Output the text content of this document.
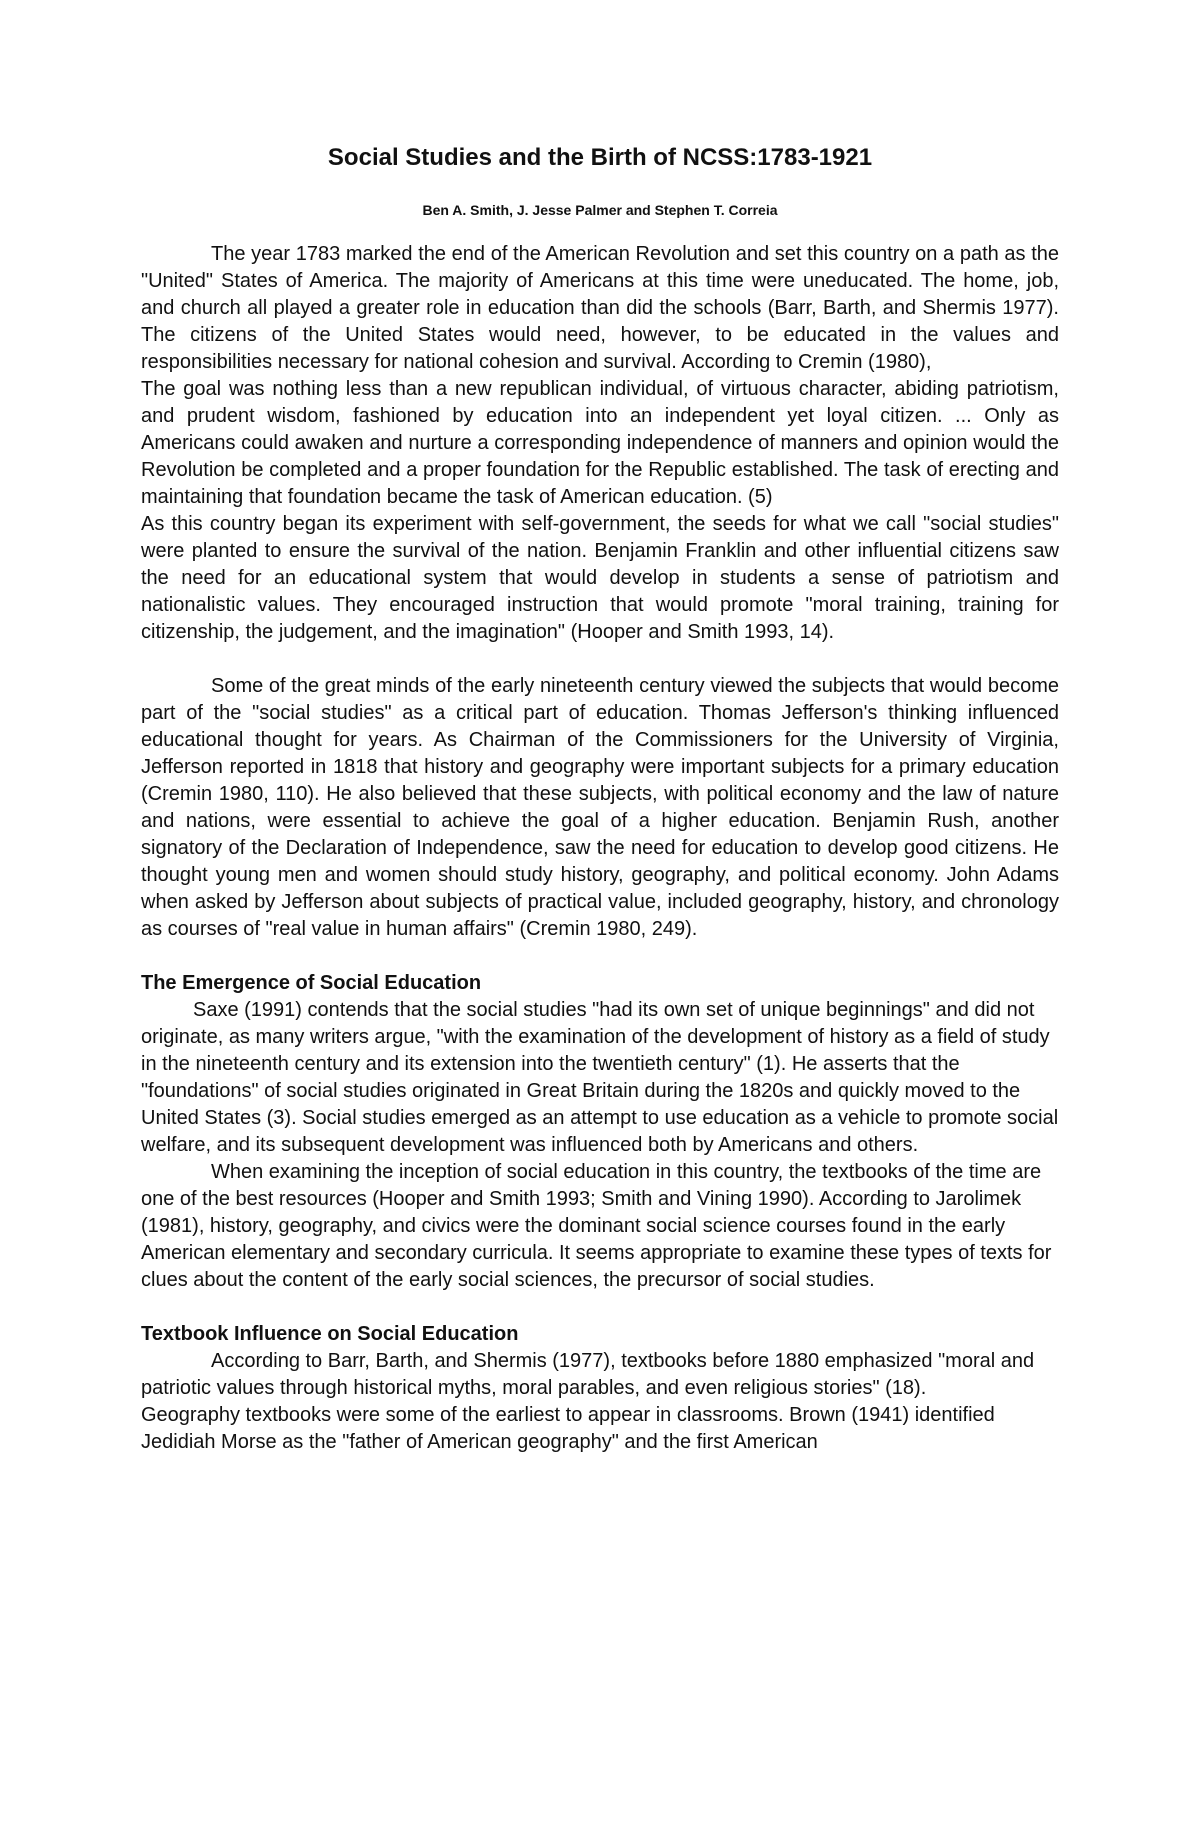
Social Studies and the Birth of NCSS:1783-1921
Ben A. Smith, J. Jesse Palmer and Stephen T. Correia

The year 1783 marked the end of the American Revolution and set this country on a path as the "United" States of America. The majority of Americans at this time were uneducated. The home, job, and church all played a greater role in education than did the schools (Barr, Barth, and Shermis 1977). The citizens of the United States would need, however, to be educated in the values and responsibilities necessary for national cohesion and survival. According to Cremin (1980),

The goal was nothing less than a new republican individual, of virtuous character, abiding patriotism, and prudent wisdom, fashioned by education into an independent yet loyal citizen. ... Only as Americans could awaken and nurture a corresponding independence of manners and opinion would the Revolution be completed and a proper foundation for the Republic established. The task of erecting and maintaining that foundation became the task of American education. (5)

As this country began its experiment with self-government, the seeds for what we call "social studies" were planted to ensure the survival of the nation. Benjamin Franklin and other influential citizens saw the need for an educational system that would develop in students a sense of patriotism and nationalistic values. They encouraged instruction that would promote "moral training, training for citizenship, the judgement, and the imagination" (Hooper and Smith 1993, 14).

Some of the great minds of the early nineteenth century viewed the subjects that would become part of the "social studies" as a critical part of education. Thomas Jefferson's thinking influenced educational thought for years. As Chairman of the Commissioners for the University of Virginia, Jefferson reported in 1818 that history and geography were important subjects for a primary education (Cremin 1980, 110). He also believed that these subjects, with political economy and the law of nature and nations, were essential to achieve the goal of a higher education. Benjamin Rush, another signatory of the Declaration of Independence, saw the need for education to develop good citizens. He thought young men and women should study history, geography, and political economy. John Adams when asked by Jefferson about subjects of practical value, included geography, history, and chronology as courses of "real value in human affairs" (Cremin 1980, 249).

The Emergence of Social Education

Saxe (1991) contends that the social studies "had its own set of unique beginnings" and did not originate, as many writers argue, "with the examination of the development of history as a field of study in the nineteenth century and its extension into the twentieth century" (1). He asserts that the "foundations" of social studies originated in Great Britain during the 1820s and quickly moved to the United States (3). Social studies emerged as an attempt to use education as a vehicle to promote social welfare, and its subsequent development was influenced both by Americans and others.

When examining the inception of social education in this country, the textbooks of the time are one of the best resources (Hooper and Smith 1993; Smith and Vining 1990). According to Jarolimek (1981), history, geography, and civics were the dominant social science courses found in the early American elementary and secondary curricula. It seems appropriate to examine these types of texts for clues about the content of the early social sciences, the precursor of social studies.

Textbook Influence on Social Education

According to Barr, Barth, and Shermis (1977), textbooks before 1880 emphasized "moral and patriotic values through historical myths, moral parables, and even religious stories" (18).

Geography textbooks were some of the earliest to appear in classrooms. Brown (1941) identified Jedidiah Morse as the "father of American geography" and the first American
